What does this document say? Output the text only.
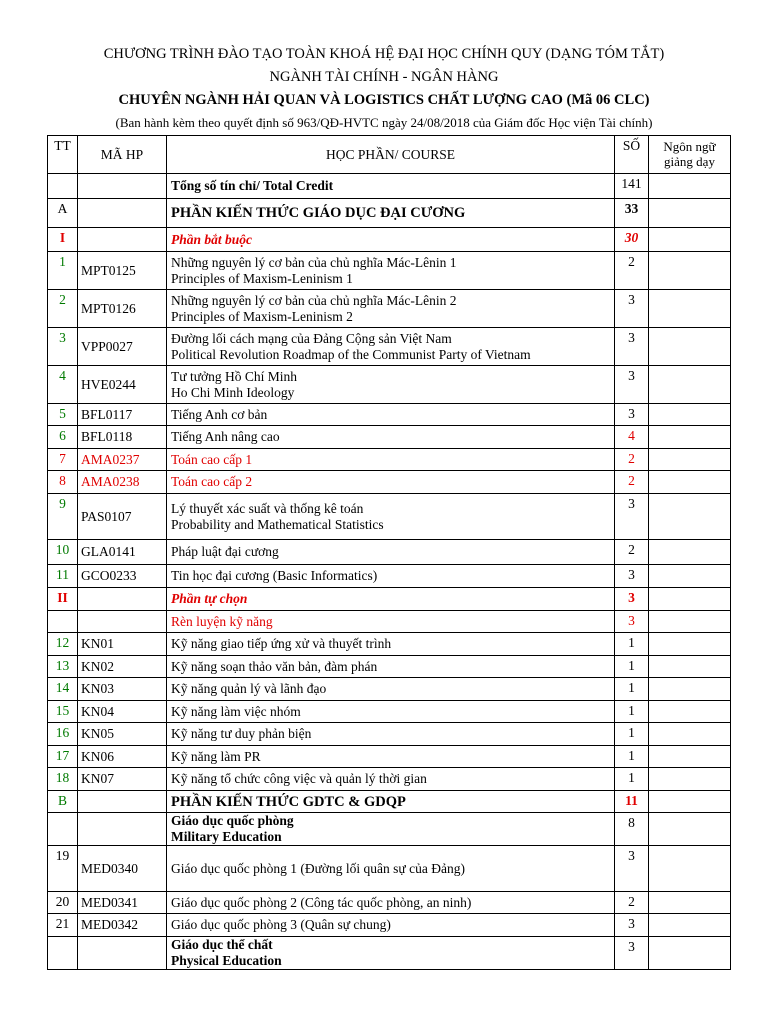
CHƯƠNG TRÌNH ĐÀO TẠO TOÀN KHOÁ HỆ ĐẠI HỌC CHÍNH QUY (DẠNG TÓM TẮT)
NGÀNH TÀI CHÍNH - NGÂN HÀNG
CHUYÊN NGÀNH HẢI QUAN VÀ LOGISTICS CHẤT LƯỢNG CAO (Mã 06 CLC)
(Ban hành kèm theo quyết định số 963/QĐ-HVTC ngày 24/08/2018 của Giám đốc Học viện Tài chính)
TT	MÃ HP	HỌC PHẦN/ COURSE	SỐ	Ngôn ngữ
giảng dạy

		Tổng số tín chỉ/ Total Credit	141	
A		PHẦN KIẾN THỨC GIÁO DỤC ĐẠI CƯƠNG	33	
I		Phần bắt buộc	30	
1	MPT0125	Những nguyên lý cơ bản của chủ nghĩa Mác-Lênin 1
Principles of Maxism-Leninism 1	2	
2	MPT0126	Những nguyên lý cơ bản của chủ nghĩa Mác-Lênin 2
Principles of Maxism-Leninism 2	3	
3	VPP0027	Đường lối cách mạng của Đảng Cộng sản Việt Nam
Political Revolution Roadmap of the Communist Party of Vietnam	3	
4	HVE0244	Tư tưởng Hồ Chí Minh
Ho Chi Minh Ideology	3	
5	BFL0117	Tiếng Anh cơ bản	3	
6	BFL0118	Tiếng Anh nâng cao	4	
7	AMA0237	Toán cao cấp 1	2	
8	AMA0238	Toán cao cấp 2	2	
9	PAS0107	Lý thuyết xác suất và thống kê toán
Probability and Mathematical Statistics	3	
10	GLA0141	Pháp luật đại cương	2	
11	GCO0233	Tin học đại cương (Basic Informatics)	3	
II		Phần tự chọn	3	

		Rèn luyện kỹ năng	3	
12	KN01	Kỹ năng giao tiếp ứng xử và thuyết trình	1	
13	KN02	Kỹ năng soạn thảo văn bản, đàm phán	1	
14	KN03	Kỹ năng quản lý và lãnh đạo	1	
15	KN04	Kỹ năng làm việc nhóm	1	
16	KN05	Kỹ năng tư duy phản biện	1	
17	KN06	Kỹ năng làm PR	1	
18	KN07	Kỹ năng tổ chức công việc và quản lý thời gian	1	
B		PHẦN KIẾN THỨC GDTC & GDQP	11	

		Giáo dục quốc phòng
Military Education	8	
19	MED0340	Giáo dục quốc phòng 1 (Đường lối quân sự của Đảng)	3	
20	MED0341	Giáo dục quốc phòng 2 (Công tác quốc phòng, an ninh)	2	
21	MED0342	Giáo dục quốc phòng 3 (Quân sự chung)	3	

		Giáo dục thể chất
Physical Education	3	
